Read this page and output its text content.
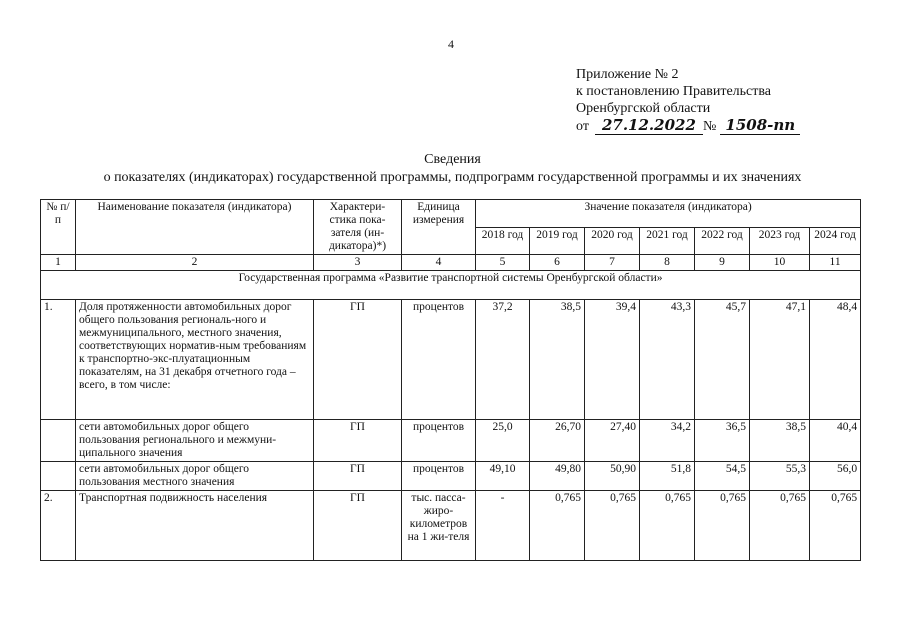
4
Приложение № 2
к постановлению Правительства
Оренбургской области
от 27.12.2022 № 1508-пп
Сведения
о показателях (индикаторах) государственной программы, подпрограмм государственной программы и их значениях
№ п/п	Наименование показателя (индикатора)	Характери-стика пока-зателя (ин-дикатора)*)	Единица измерения	Значение показателя (индикатора)						
				2018 год	2019 год	2020 год	2021 год	2022 год	2023 год	2024 год
1	2	3	4	5	6	7	8	9	10	11
Государственная программа «Развитие транспортной системы Оренбургской области»										
1.	Доля протяженности автомобильных дорог общего пользования региональ-ного и межмуниципального, местного значения, соответствующих норматив-ным требованиям к транспортно-экс-плуатационным показателям, на 31 декабря отчетного года – всего, в том числе:	ГП	процентов	37,2	38,5	39,4	43,3	45,7	47,1	48,4
	сети автомобильных дорог общего пользования регионального и межмуни-ципального значения	ГП	процентов	25,0	26,70	27,40	34,2	36,5	38,5	40,4
	сети автомобильных дорог общего пользования местного значения	ГП	процентов	49,10	49,80	50,90	51,8	54,5	55,3	56,0
2.	Транспортная подвижность населения	ГП	тыс. пасса-жиро-километров на 1 жи-теля	-	0,765	0,765	0,765	0,765	0,765	0,765
